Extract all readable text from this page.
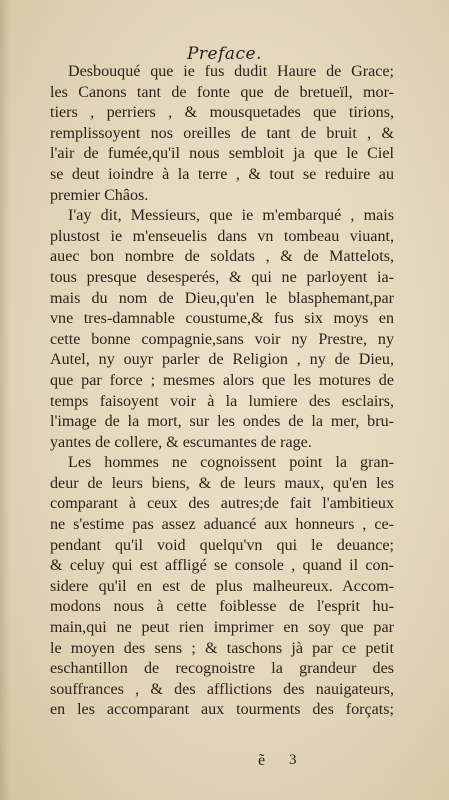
Preface.
Desbouqué que ie fus dudit Haure de Grace;
les Canons tant de fonte que de bretueïl, mor-
tiers , perriers , & mousquetades que tirions,
remplissoyent nos oreilles de tant de bruit , &
l'air de fumée,qu'il nous sembloit ja que le Ciel
se deut ioindre à la terre , & tout se reduire au
premier Châos.
I'ay dit, Messieurs, que ie m'embarqué , mais
plustost ie m'enseuelis dans vn tombeau viuant,
auec bon nombre de soldats , & de Mattelots,
tous presque desesperés, & qui ne parloyent ia-
mais du nom de Dieu,qu'en le blasphemant,par
vne tres-damnable coustume,& fus six moys en
cette bonne compagnie,sans voir ny Prestre, ny
Autel, ny ouyr parler de Religion , ny de Dieu,
que par force ; mesmes alors que les motures de
temps faisoyent voir à la lumiere des esclairs,
l'image de la mort, sur les ondes de la mer, bru-
yantes de collere, & escumantes de rage.
Les hommes ne cognoissent point la gran-
deur de leurs biens, & de leurs maux, qu'en les
comparant à ceux des autres;de fait l'ambitieux
ne s'estime pas assez aduancé aux honneurs , ce-
pendant qu'il void quelqu'vn qui le deuance;
& celuy qui est affligé se console , quand il con-
sidere qu'il en est de plus malheureux. Accom-
modons nous à cette foiblesse de l'esprit hu-
main,qui ne peut rien imprimer en soy que par
le moyen des sens ; & taschons jà par ce petit
eschantillon de recognoistre la grandeur des
souffrances , & des afflictions des nauigateurs,
en les accomparant aux tourments des forçats;
ẽ 3
